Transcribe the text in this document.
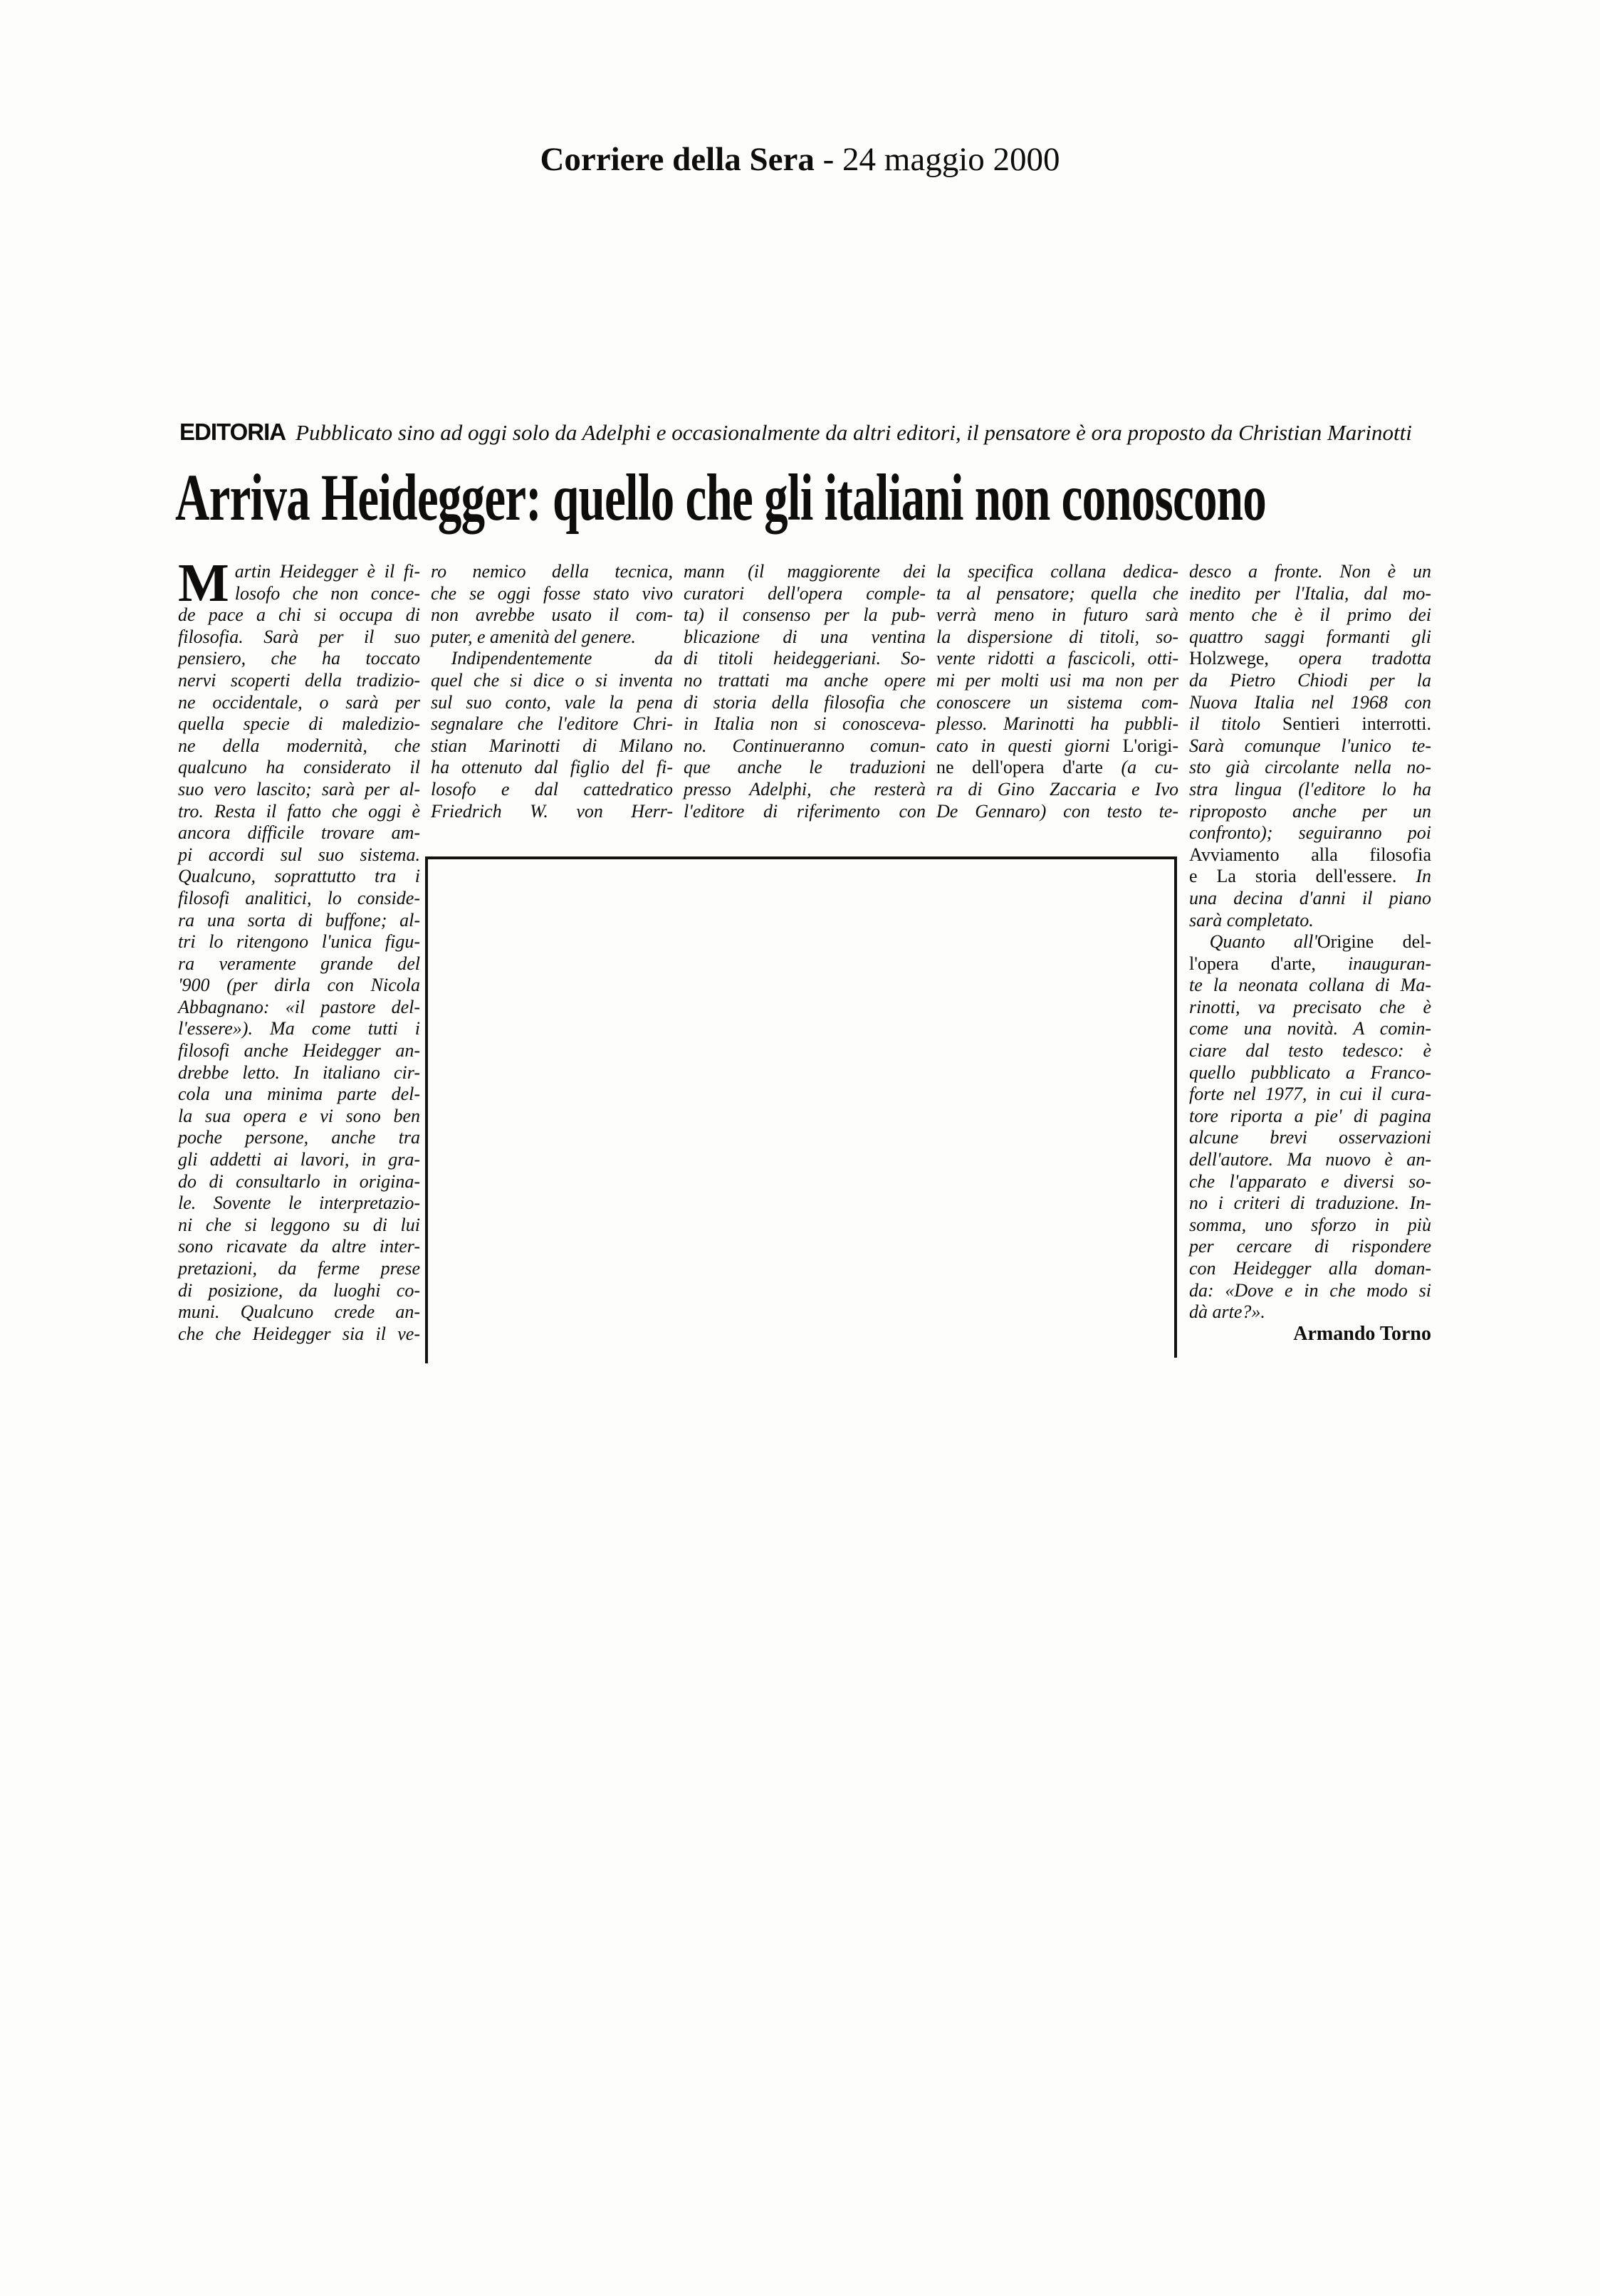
Corriere della Sera - 24 maggio 2000
EDITORIA Pubblicato sino ad oggi solo da Adelphi e occasionalmente da altri editori, il pensatore è ora proposto da Christian Marinotti
Arriva Heidegger: quello che gli italiani non conoscono
M artin Heidegger è il fi-
losofo che non conce-
de pace a chi si occupa di
filosofia. Sarà per il suo
pensiero, che ha toccato
nervi scoperti della tradizio-
ne occidentale, o sarà per
quella specie di maledizio-
ne della modernità, che
qualcuno ha considerato il
suo vero lascito; sarà per al-
tro. Resta il fatto che oggi è
ancora difficile trovare am-
pi accordi sul suo sistema.
Qualcuno, soprattutto tra i
filosofi analitici, lo conside-
ra una sorta di buffone; al-
tri lo ritengono l'unica figu-
ra veramente grande del
'900 (per dirla con Nicola
Abbagnano: «il pastore del-
l'essere»). Ma come tutti i
filosofi anche Heidegger an-
drebbe letto. In italiano cir-
cola una minima parte del-
la sua opera e vi sono ben
poche persone, anche tra
gli addetti ai lavori, in gra-
do di consultarlo in origina-
le. Sovente le interpretazio-
ni che si leggono su di lui
sono ricavate da altre inter-
pretazioni, da ferme prese
di posizione, da luoghi co-
muni. Qualcuno crede an-
che che Heidegger sia il ve-
ro nemico della tecnica,
che se oggi fosse stato vivo
non avrebbe usato il com-
puter, e amenità del genere.
Indipendentemente da
quel che si dice o si inventa
sul suo conto, vale la pena
segnalare che l'editore Chri-
stian Marinotti di Milano
ha ottenuto dal figlio del fi-
losofo e dal cattedratico
Friedrich W. von Herr-
mann (il maggiorente dei
curatori dell'opera comple-
ta) il consenso per la pub-
blicazione di una ventina
di titoli heideggeriani. So-
no trattati ma anche opere
di storia della filosofia che
in Italia non si conosceva-
no. Continueranno comun-
que anche le traduzioni
presso Adelphi, che resterà
l'editore di riferimento con
la specifica collana dedica-
ta al pensatore; quella che
verrà meno in futuro sarà
la dispersione di titoli, so-
vente ridotti a fascicoli, otti-
mi per molti usi ma non per
conoscere un sistema com-
plesso. Marinotti ha pubbli-
cato in questi giorni L'origi-
ne dell'opera d'arte (a cu-
ra di Gino Zaccaria e Ivo
De Gennaro) con testo te-
desco a fronte. Non è un
inedito per l'Italia, dal mo-
mento che è il primo dei
quattro saggi formanti gli
Holzwege, opera tradotta
da Pietro Chiodi per la
Nuova Italia nel 1968 con
il titolo Sentieri interrotti.
Sarà comunque l'unico te-
sto già circolante nella no-
stra lingua (l'editore lo ha
riproposto anche per un
confronto); seguiranno poi
Avviamento alla filosofia
e La storia dell'essere. In
una decina d'anni il piano
sarà completato.
Quanto all'Origine del-
l'opera d'arte, inauguran-
te la neonata collana di Ma-
rinotti, va precisato che è
come una novità. A comin-
ciare dal testo tedesco: è
quello pubblicato a Franco-
forte nel 1977, in cui il cura-
tore riporta a pie' di pagina
alcune brevi osservazioni
dell'autore. Ma nuovo è an-
che l'apparato e diversi so-
no i criteri di traduzione. In-
somma, uno sforzo in più
per cercare di rispondere
con Heidegger alla doman-
da: «Dove e in che modo si
dà arte?».
Armando Torno
